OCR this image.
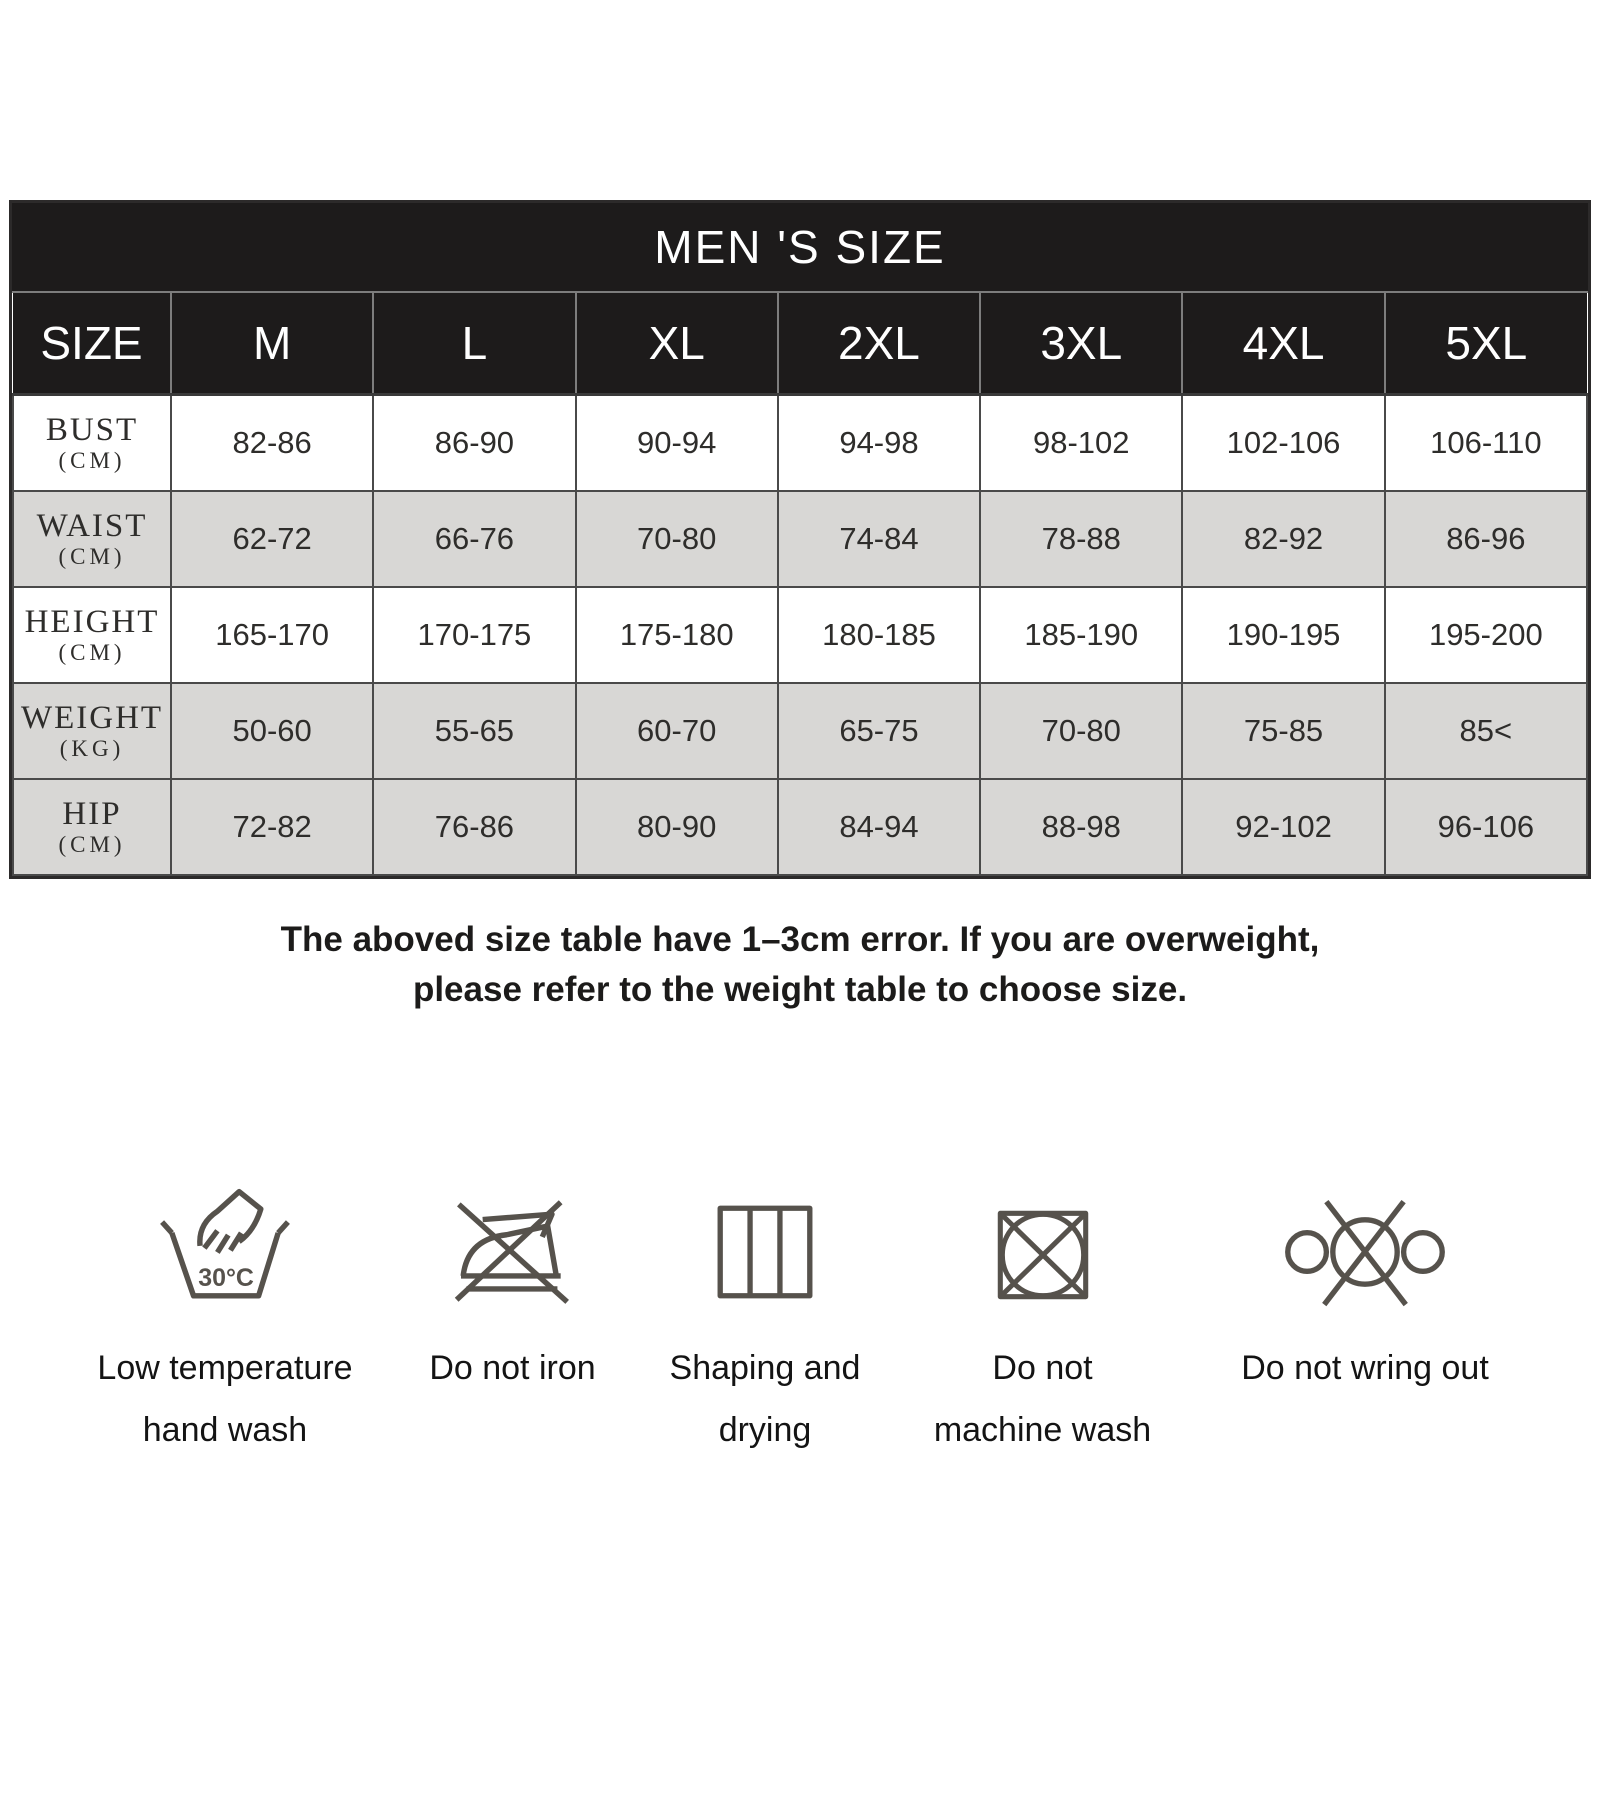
MEN 'S SIZE
SIZE	M	L	XL	2XL	3XL	4XL	5XL

BUST
(CM)	82-86	86-90	90-94	94-98	98-102	102-106	106-110

WAIST
(CM)	62-72	66-76	70-80	74-84	78-88	82-92	86-96

HEIGHT
(CM)	165-170	170-175	175-180	180-185	185-190	190-195	195-200

WEIGHT
(KG)	50-60	55-65	60-70	65-75	70-80	75-85	85<

HIP
(CM)	72-82	76-86	80-90	84-94	88-98	92-102	96-106
The aboved size table have 1–3cm error. If you are overweight,
please refer to the weight table to choose size.
30°C
Low temperature
hand wash
Do not iron	Shaping and
drying
Do not
machine wash
Do not wring out
